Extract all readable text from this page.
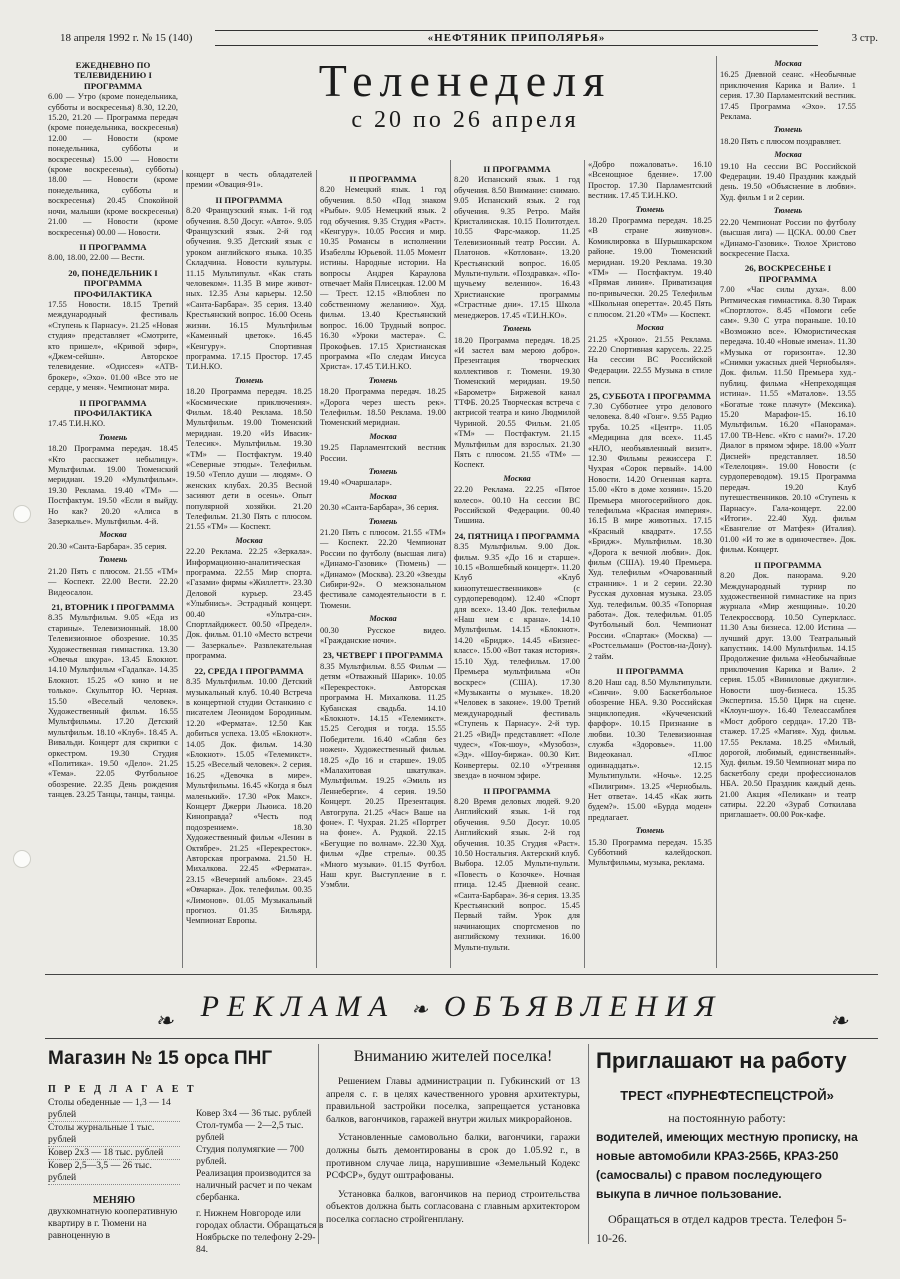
18 апреля 1992 г. № 15 (140)	«НЕФТЯНИК ПРИПОЛЯРЬЯ»	3 стр.
Теленеделя
с 20 по 26 апреля
ЕЖЕДНЕВНО ПО ТЕЛЕВИДЕНИЮ I ПРОГРАММА

6.00 — Утро (кроме понедельника, субботы и воскресенья) 8.30, 12.20, 15.20, 21.20 — Программа передач (кроме понедельника, воскресенья) 12.00 — Новости (кроме понедельника, субботы и воскресенья) 15.00 — Новости (кроме воскресенья), субботы) 18.00 — Новости (кроме понедельника, субботы и воскресенья) 20.45 Спокойной ночи, малыши (кроме воскресенья) 21.00 — Новости (кроме воскресенья) 00.00 — Новости.

II ПРОГРАММА

8.00, 18.00, 22.00 — Вести.

20, ПОНЕДЕЛЬНИК I ПРОГРАММА ПРОФИЛАКТИКА

17.55 Новости. 18.15 Третий международный фестиваль «Ступень к Парнасу». 21.25 «Новая студия» представляет «Смотрите, кто пришел», «Кривой эфир», «Джем-сейшн». Авторское телевидение. «Одиссея» «АТВ-брокер», «Эхо». 01.00 «Все это не сердце, у меня». Чемпионат мира.

II ПРОГРАММА ПРОФИЛАКТИКА

17.45 Т.И.Н.КО.

Тюмень

18.20 Программа передач. 18.45 «Кто расскажет небылицу». Мультфильм. 19.00 Тюменский меридиан. 19.20 «Мультфильм». 19.30 Реклама. 19.40 «ТМ» — Постфактум. 19.50 «Если я выйду. Но как? 20.20 «Алиса в Зазеркалье». Мультфильм. 4-й.

Москва

20.30 «Санта-Барбара». 35 серия.

Тюмень

21.20 Пять с плюсом. 21.55 «ТМ» — Коспект. 22.00 Вести. 22.20 Видеосалон.

21, ВТОРНИК I ПРОГРАММА

8.35 Мультфильм. 9.05 «Еда из старины». Телевизионный. 18.00 Телевизионное обозрение. 10.35 Художественная гимнастика. 13.30 «Овечья шкура». 13.45 Блокнот. 14.10 Мультфильм «Гадалка». 14.35 Блокнот. 15.25 «О кино и не только». Скульптор Ю. Черная. 15.50 «Веселый человек». Художественный фильм. 16.55 Мультфильмы. 17.20 Детский мультфильм. 18.10 «Клуб». 18.45 А. Вивальди. Концерт для скрипки с оркестром. 19.30 Студия «Политика». 19.50 «Дело». 21.25 «Тема». 22.05 Футбольное обозрение. 22.35 День рождения танцев. 23.25 Танцы, танцы, танцы.

концерт в честь обладателей премии «Овация-91».

II ПРОГРАММА

8.20 Французский язык. 1-й год обучения. 8.50 Досуг. «Авто». 9.05 Французский язык. 2-й год обучения. 9.35 Детский язык с уроком английского языка. 10.35 Складчина. Новости культуры. 11.15 Мультипульт. «Как стать человеком». 11.35 В мире живот-ных. 12.35 Азы карьеры. 12.50 «Санта-Барбара». 35 серия. 13.40 Крестьянский вопрос. 16.00 Осень жизни. 16.15 Мультфильм «Каменный цветок». 16.45 «Кенгуру». Спортивная программа. 17.15 Простор. 17.45 Т.И.Н.КО.

Тюмень

18.20 Программа передач. 18.25 «Космические приключения». Фильм. 18.40 Реклама. 18.50 Мультфильм. 19.00 Тюменский меридиан. 19.20 «Из Ивасик-Телесик». Мультфильм. 19.30 «ТМ» — Постфактум. 19.40 «Северные этюды». Телефильм. 19.50 «Тепло души — людям». О женских клубах. 20.35 Весной засияют дети в осень». Опыт популярной хозяйки. 21.20 Телефильм. 21.30 Пять с плюсом. 21.55 «ТМ» — Коспект.

Москва

22.20 Реклама. 22.25 «Зеркала». Информационно-аналитическая программа. 22.55 Мир спорта. «Газами» фирмы «Жиллетт». 23.30 Деловой курьер. 23.45 «Улыбнись». Эстрадный концерт. 00.40 «Ультра-сн». Спортлайдижест. 00.50 «Предел». Док. фильм. 01.10 «Место встречи — Зазеркалье». Развлекательная программа.

22, СРЕДА I ПРОГРАММА

8.35 Мультфильм. 10.00 Детский музыкальный клуб. 10.40 Встреча в концертной студии Останкино с писателем Леонидом Бородиным. 12.20 «Фермата». 12.50 Как добиться успеха. 13.05 «Блокнот». 14.05 Док. фильм. 14.30 «Блокнот». 15.05 «Телемикст». 15.25 «Веселый человек». 2 серия. 16.25 «Девочка в мире». Мультфильмы. 16.45 «Когда я был маленький». 17.30 «Рок Макс». Концерт Джерри Льюиса. 18.20 Киноправда? «Честь под подозрением». 18.30 Художественный фильм «Ленин в Октябре». 21.25 «Перекресток». Авторская программа. 21.50 Н. Михалкова. 22.45 «Фермата». 23.15 «Вечерний альбом». 23.45 «Овчарка». Док. телефильм. 00.35 «Лимонов». 01.05 Музыкальный прогноз. 01.35 Бильярд. Чемпионат Европы.

II ПРОГРАММА

8.20 Немецкий язык. 1 год обучения. 8.50 «Под знаком «Рыбы». 9.05 Немецкий язык. 2 год обучения. 9.35 Студия «Раст». «Кенгуру». 10.05 Россия и мир. 10.35 Романсы в исполнении Изабеллы Юрьевой. 11.05 Момент истины. Народные истории. На вопросы Андрея Караулова отвечает Майя Плисецкая. 12.00 М — Трест. 12.15 «Влюблен по собственному желанию». Худ. фильм. 13.40 Крестьянский вопрос. 16.00 Трудный вопрос. 16.30 «Уроки мастера». С. Прокофьев. 17.15 Христианская программа «По следам Иисуса Христа». 17.45 Т.И.Н.КО.

Тюмень

18.20 Программа передач. 18.25 «Дорога через шесть рек». Телефильм. 18.50 Реклама. 19.00 Тюменский меридиан.

Москва

19.25 Парламентский вестник России.

Тюмень

19.40 «Очаршалар».

Москва

20.30 «Санта-Барбара», 36 серия.

Тюмень

21.20 Пять с плюсом. 21.55 «ТМ» — Коспект. 22.20 Чемпионат России по футболу (высшая лига) «Динамо-Газовик» (Тюмень) — «Динамо» (Москва). 23.20 «Звезды Сибири-92». О межзональном фестивале самодеятельности в г. Тюмени.

Москва

00.30 Русское видео. «Гражданские ночи».

23, ЧЕТВЕРГ I ПРОГРАММА

8.35 Мультфильм. 8.55 Фильм — детям «Отважный Шарик». 10.05 «Перекресток». Авторская программа Н. Михалкова. 11.25 Кубанская свадьба. 14.10 «Блокнот». 14.15 «Телемикст». 15.25 Сегодня и тогда. 15.55 Победители. 16.40 «Сабля без ножен». Художественный фильм. 18.25 «До 16 и старше». 19.05 «Малахитовая шкатулка». Мультфильм. 19.25 «Эмиль из Леннеберги». 4 серия. 19.50 Концерт. 20.25 Презентация. Автогрупа. 21.25 «Час» Ваше на фоне». Г. Чухрая. 21.25 «Портрет на фоне». А. Рудкой. 22.15 «Бегущие по волнам». 22.30 Худ. фильм «Две стрелы». 00.35 «Много музыки». 01.15 Футбол. Наш круг. Выступление в г. Уэмбли.

II ПРОГРАММА

8.20 Испанский язык. 1 год обучения. 8.50 Внимание: снимаю. 9.05 Испанский язык. 2 год обучения. 9.35 Ретро. Майя Кристалинская. 10.15 Политотдел. 10.55 Фарс-мажор. 11.25 Телевизионный театр России. А. Платонов. «Котлован». 13.20 Крестьянский вопрос. 16.05 Мульти-пульти. «Поздравка». «По-щучьему велению». 16.43 Христианские программы «Страстные дни». 17.15 Школа менеджеров. 17.45 «Т.И.Н.КО».

Тюмень

18.20 Программа передач. 18.25 «И застел вам мерою добро». Презентация творческих коллективов г. Тюмени. 19.30 Тюменский меридиан. 19.50 «Барометр» Биржевой канал ТТФБ. 20.25 Творческая встреча с актрисой театра и кино Людмилой Чуриной. 20.55 Фильм. 21.05 «ТМ» — Постфактум. 21.15 Мультфильм для взрослых. 21.30 Пять с плюсом. 21.55 «ТМ» — Коспект.

Москва

22.20 Реклама. 22.25 «Пятое колесо». 00.10 На сессии ВС Российской Федерации. 00.40 Тишина.

24, ПЯТНИЦА I ПРОГРАММА

8.35 Мультфильм. 9.00 Док. фильм. 9.35 «До 16 и старше». 10.15 «Волшебный концерт». 11.20 Клуб «Клуб кинопутешественников» (с сурдопереводом). 12.40 «Спорт для всех». 13.40 Док. телефильм «Наш нем с крана». 14.10 Мультфильм. 14.15 «Блокнот». 14.20 «Бридж». 14.45 «Бизнес-класс». 15.00 «Вот такая история». 15.10 Худ. телефильм. 17.00 Премьера мультфильма «Он воскрес» (США). 17.30 «Музыканты о музыке». 18.20 «Человек в законе». 19.00 Третий международный фестиваль «Ступень к Парнасу». 2-й тур. 21.25 «ВиД» представляет: «Поле чудес», «Ток-шоу», «Музобоз», «Эд». «Шоу-биржа». 00.30 Кит. Конвертеры. 02.10 «Утренняя звезда» в ночном эфире.

II ПРОГРАММА

8.20 Время деловых людей. 9.20 Английский язык. 1-й год обучения. 9.50 Досуг. 10.05 Английский язык. 2-й год обучения. 10.35 Студия «Раст». 10.50 Ностальгия. Актерский клуб. Выбора. 12.05 Мульти-пульти. «Повесть о Козочке». Ночная птица. 12.45 Дневной сеанс. «Санта-Барбара». 36-я серия. 13.35 Крестьянский вопрос. 15.45 Первый тайм. Урок для начинающих спортсменов по английскому техники. 16.00 Мульти-пульти.

«Добро пожаловать». 16.10 «Всенощное бдение». 17.00 Простор. 17.30 Парламентский вестник. 17.45 Т.И.Н.КО.

Тюмень

18.20 Программа передач. 18.25 «В стране живунов». Комиклировка в Шурышкарском районе. 19.00 Тюменский меридиан. 19.20 Реклама. 19.30 «ТМ» — Постфактум. 19.40 «Прямая линия». Приватизация по-привычески. 20.25 Телефильм «Школьная оперетта». 20.45 Пять с плюсом. 21.20 «ТМ» — Коспект.

Москва

21.25 «Хроно». 21.55 Реклама. 22.20 Спортивная карусель. 22.25 На сессии ВС Российской Федерации. 22.55 Музыка в стиле пепси.

25, СУББОТА I ПРОГРАММА

7.30 Субботнее утро делового человека. 8.40 «Гонг». 9.55 Радио труба. 10.25 «Центр». 11.05 «Медицина для всех». 11.45 «НЛО, необъявленный визит». 12.30 Фильмы режиссера Г. Чухрая «Сорок первый». 14.00 Новости. 14.20 Огненная карта. 15.00 «Кто в доме хозяин». 15.20 Премьера многосерийного док. телефильма «Красная империя». 16.15 В мире животных. 17.15 «Красный квадрат». 17.55 «Бридж». Мультфильм. 18.30 «Дорога к вечной любви». Док. фильм (США). 19.40 Премьера. Худ. телефильм «Очарованный странник». 1 и 2 серии. 22.30 Русская духовная музыка. 23.05 Худ. телефильм. 00.35 «Топорная работа». Док. телефильм. 01.05 Футбольный бол. Чемпионат России. «Спартак» (Москва) — «Ростсельмаш» (Ростов-на-Дону). 2 тайм.

II ПРОГРАММА

8.20 Наш сад. 8.50 Мультипульти. «Синчи». 9.00 Баскетбольное обозрение НБА. 9.30 Российская энциклопедия. «Кучеченский фарфор». 10.15 Признание в любви. 10.30 Телевизионная служба «Здоровье». 11.00 Видеоканал. «Плюс одиннадцать». 12.15 Мультипульти. «Ночь». 12.25 «Пилигрим». 13.25 «Чернобыль. Нет ответа». 14.45 «Как жить будем?». 15.00 «Бурда моден» предлагает.

Тюмень

15.30 Программа передач. 15.35 Субботний калейдоскоп. Мультфильмы, музыка, реклама.

Москва

16.25 Дневной сеанс. «Необычные приключения Карика и Вали». 1 серия. 17.30 Парламентский вестник. 17.45 Программа «Эхо». 17.55 Реклама.

Тюмень

18.20 Пять с плюсом поздравляет.

Москва

19.10 На сессии ВС Российской Федерации. 19.40 Праздник каждый день. 19.50 «Объяснение в любви». Худ. фильм 1 и 2 серии.

Тюмень

22.20 Чемпионат России по футболу (высшая лига) — ЦСКА. 00.00 Свет «Динамо-Газовик». Тюлое Христово воскресение Пасха.

26, ВОСКРЕСЕНЬЕ I ПРОГРАММА

7.00 «Час силы духа». 8.00 Ритмическая гимнастика. 8.30 Тираж «Спортлото». 8.45 «Помоги себе сам». 9.30 С утра пораньше. 10.10 «Возможно все». Юмористическая передача. 10.40 «Новые имена». 11.30 «Музыка от горизонта». 12.30 «Снимки ужасных дней Чернобыля». Док. фильм. 11.50 Премьера худ.-публиц. фильма «Непреходящая истина». 11.55 «Маталов». 13.55 «Богатые тоже плачут» (Мексика). 15.20 Марафон-15. 16.10 Мультфильм. 16.20 «Панорама». 17.00 ТВ-Невс. «Кто с нами?». 17.20 Диалог в прямом эфире. 18.00 «Уолт Дисней» представляет. 18.50 «Телелоция». 19.00 Новости (с сурдопереводом). 19.15 Программа передач. 19.20 Клуб путешественников. 20.10 «Ступень к Парнасу». Гала-концерт. 22.00 «Итоги». 22.40 Худ. фильм «Евангелие от Матфея» (Италия). 01.00 «И то же в одиночестве». Док. фильм. Концерт.

II ПРОГРАММА

8.20 Док. панорама. 9.20 Международный турнир по художественной гимнастике на приз журнала «Мир женщины». 10.20 Телекроссворд. 10.50 Суперкласс. 11.30 Азы бизнеса. 12.00 Истина — лучший друг. 13.00 Театральный капустник. 14.00 Мультфильм. 14.15 Продолжение фильма «Необычайные приключения Карика и Вали». 2 серия. 15.05 «Виниловые джунгли». Новости шоу-бизнеса. 15.35 Экспертиза. 15.50 Цирк на сцене. «Клоун-шоу». 16.40 Телеассамблея «Мост доброго сердца». 17.20 ТВ-стажер. 17.25 «Магия». Худ. фильм. 17.55 Реклама. 18.25 «Милый, дорогой, любимый, единственный». Худ. фильм. 19.50 Чемпионат мира по баскетболу среди профессионалов НБА. 20.50 Праздник каждый день. 21.00 Акция «Пеликан» и театр сатиры. 22.20 «Зураб Соткилава приглашает». 00.00 Рок-кафе.

❧ РЕКЛАМА ❧ ОБЪЯВЛЕНИЯ	❧
Магазин № 15 орса ПНГ
П Р Е Д Л А Г А Е Т
Столы обеденные — 1,3 — 14 рублей
Столы журнальные 1 тыс. рублей
Ковер 2х3 — 18 тыс. рублей
Ковер 2,5—3,5 — 26 тыс. рублей
Ковер 3х4 — 36 тыс. рублей
Стол-тумба — 2—2,5 тыс. рублей
Студия полумягкие — 700 рублей.
Реализация производится за наличный расчет и по чекам сбербанка.
МЕНЯЮ
двухкомнатную кооперативную квартиру в г. Тюмени на равноценную в
г. Нижнем Новгороде или городах области. Обращаться в Ноябрьске по телефону 2-29-84.
Вниманию жителей поселка!

Решением Главы администрации п. Губкинский от 13 апреля с. г. в целях качественного уровня архитектуры, правильной застройки поселка, запрещается установка балков, вагончиков, гаражей внутри жилых микрорайонов.

Установленные самовольно балки, вагончики, гаражи должны быть демонтированы в срок до 1.05.92 г., в противном случае лица, нарушившие «Земельный Кодекс РСФСР», будут оштрафованы.

Установка балков, вагончиков на период строительства объектов должна быть согласована с главным архитектором поселка согласно стройгенплану.

Приглашают на работу
ТРЕСТ «ПУРНЕФТЕСПЕЦСТРОЙ»
на постоянную работу:
водителей, имеющих местную прописку, на новые автомобили КРАЗ-256Б, КРАЗ-250 (самосвалы) с правом последующего выкупа в личное пользование.
Обращаться в отдел кадров треста. Телефон 5-10-26.
